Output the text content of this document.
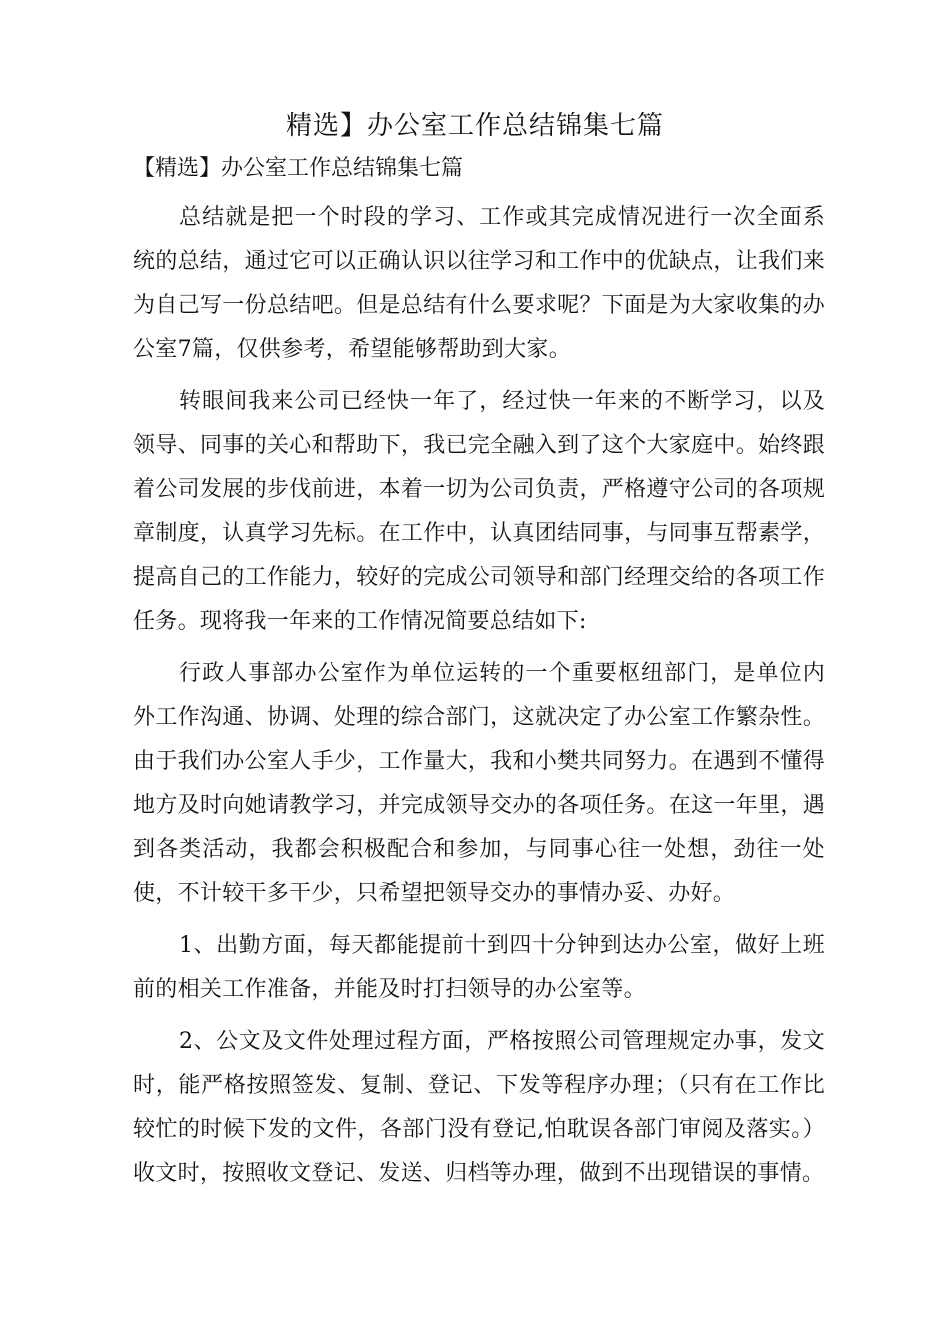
精选】办公室工作总结锦集七篇
【精选】办公室工作总结锦集七篇

总结就是把一个时段的学习、工作或其完成情况进行一次全面系统的总结，通过它可以正确认识以往学习和工作中的优缺点，让我们来为自己写一份总结吧。但是总结有什么要求呢？下面是为大家收集的办公室7篇，仅供参考，希望能够帮助到大家。

转眼间我来公司已经快一年了，经过快一年来的不断学习，以及领导、同事的关心和帮助下，我已完全融入到了这个大家庭中。始终跟着公司发展的步伐前进，本着一切为公司负责，严格遵守公司的各项规章制度，认真学习先标。在工作中，认真团结同事，与同事互帮素学，提高自己的工作能力，较好的完成公司领导和部门经理交给的各项工作任务。现将我一年来的工作情况简要总结如下:

行政人事部办公室作为单位运转的一个重要枢纽部门，是单位内外工作沟通、协调、处理的综合部门，这就决定了办公室工作繁杂性。由于我们办公室人手少，工作量大，我和小樊共同努力。在遇到不懂得地方及时向她请教学习，并完成领导交办的各项任务。在这一年里，遇到各类活动，我都会积极配合和参加，与同事心往一处想，劲往一处使，不计较干多干少，只希望把领导交办的事情办妥、办好。

1、出勤方面，每天都能提前十到四十分钟到达办公室，做好上班前的相关工作准备，并能及时打扫领导的办公室等。

2、公文及文件处理过程方面，严格按照公司管理规定办事，发文时，能严格按照签发、复制、登记、下发等程序办理；（只有在工作比较忙的时候下发的文件，各部门没有登记,怕耽误各部门审阅及落实。）收文时，按照收文登记、发送、归档等办理，做到不出现错误的事情。
